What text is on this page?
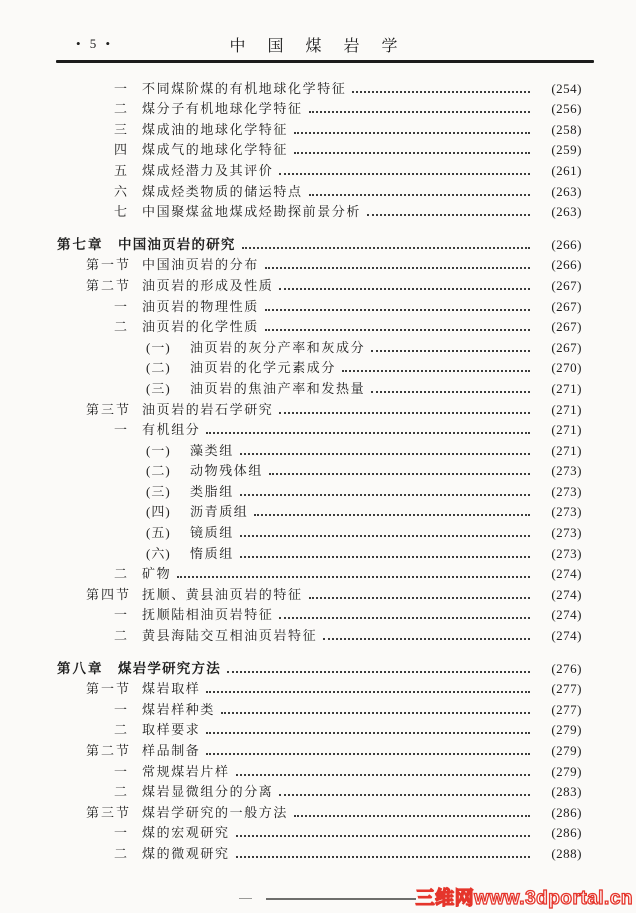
• 5 •	中 国 煤 岩 学
一 不同煤阶煤的有机地球化学特征	(254)
二 煤分子有机地球化学特征	(256)
三 煤成油的地球化学特征	(258)
四 煤成气的地球化学特征	(259)
五 煤成烃潜力及其评价	(261)
六 煤成烃类物质的储运特点	(263)
七 中国聚煤盆地煤成烃勘探前景分析	(263)
第七章 中国油页岩的研究	(266)
第一节 中国油页岩的分布	(266)
第二节 油页岩的形成及性质	(267)
一 油页岩的物理性质	(267)
二 油页岩的化学性质	(267)
(一)	油页岩的灰分产率和灰成分	(267)
(二)	油页岩的化学元素成分	(270)
(三)	油页岩的焦油产率和发热量	(271)
第三节 油页岩的岩石学研究	(271)
一 有机组分	(271)
(一)	藻类组	(271)
(二)	动物残体组	(273)
(三)	类脂组	(273)
(四)	沥青质组	(273)
(五)	镜质组	(273)
(六)	惰质组	(273)
二 矿物	(274)
第四节 抚顺、黄县油页岩的特征	(274)
一 抚顺陆相油页岩特征	(274)
二 黄县海陆交互相油页岩特征	(274)
第八章 煤岩学研究方法	(276)
第一节 煤岩取样	(277)
一 煤岩样种类	(277)
二 取样要求	(279)
第二节 样品制备	(279)
一 常规煤岩片样	(279)
二 煤岩显微组分的分离	(283)
第三节 煤岩学研究的一般方法	(286)
一 煤的宏观研究	(286)
二 煤的微观研究	(288)
三维网www.3dportal.cn
